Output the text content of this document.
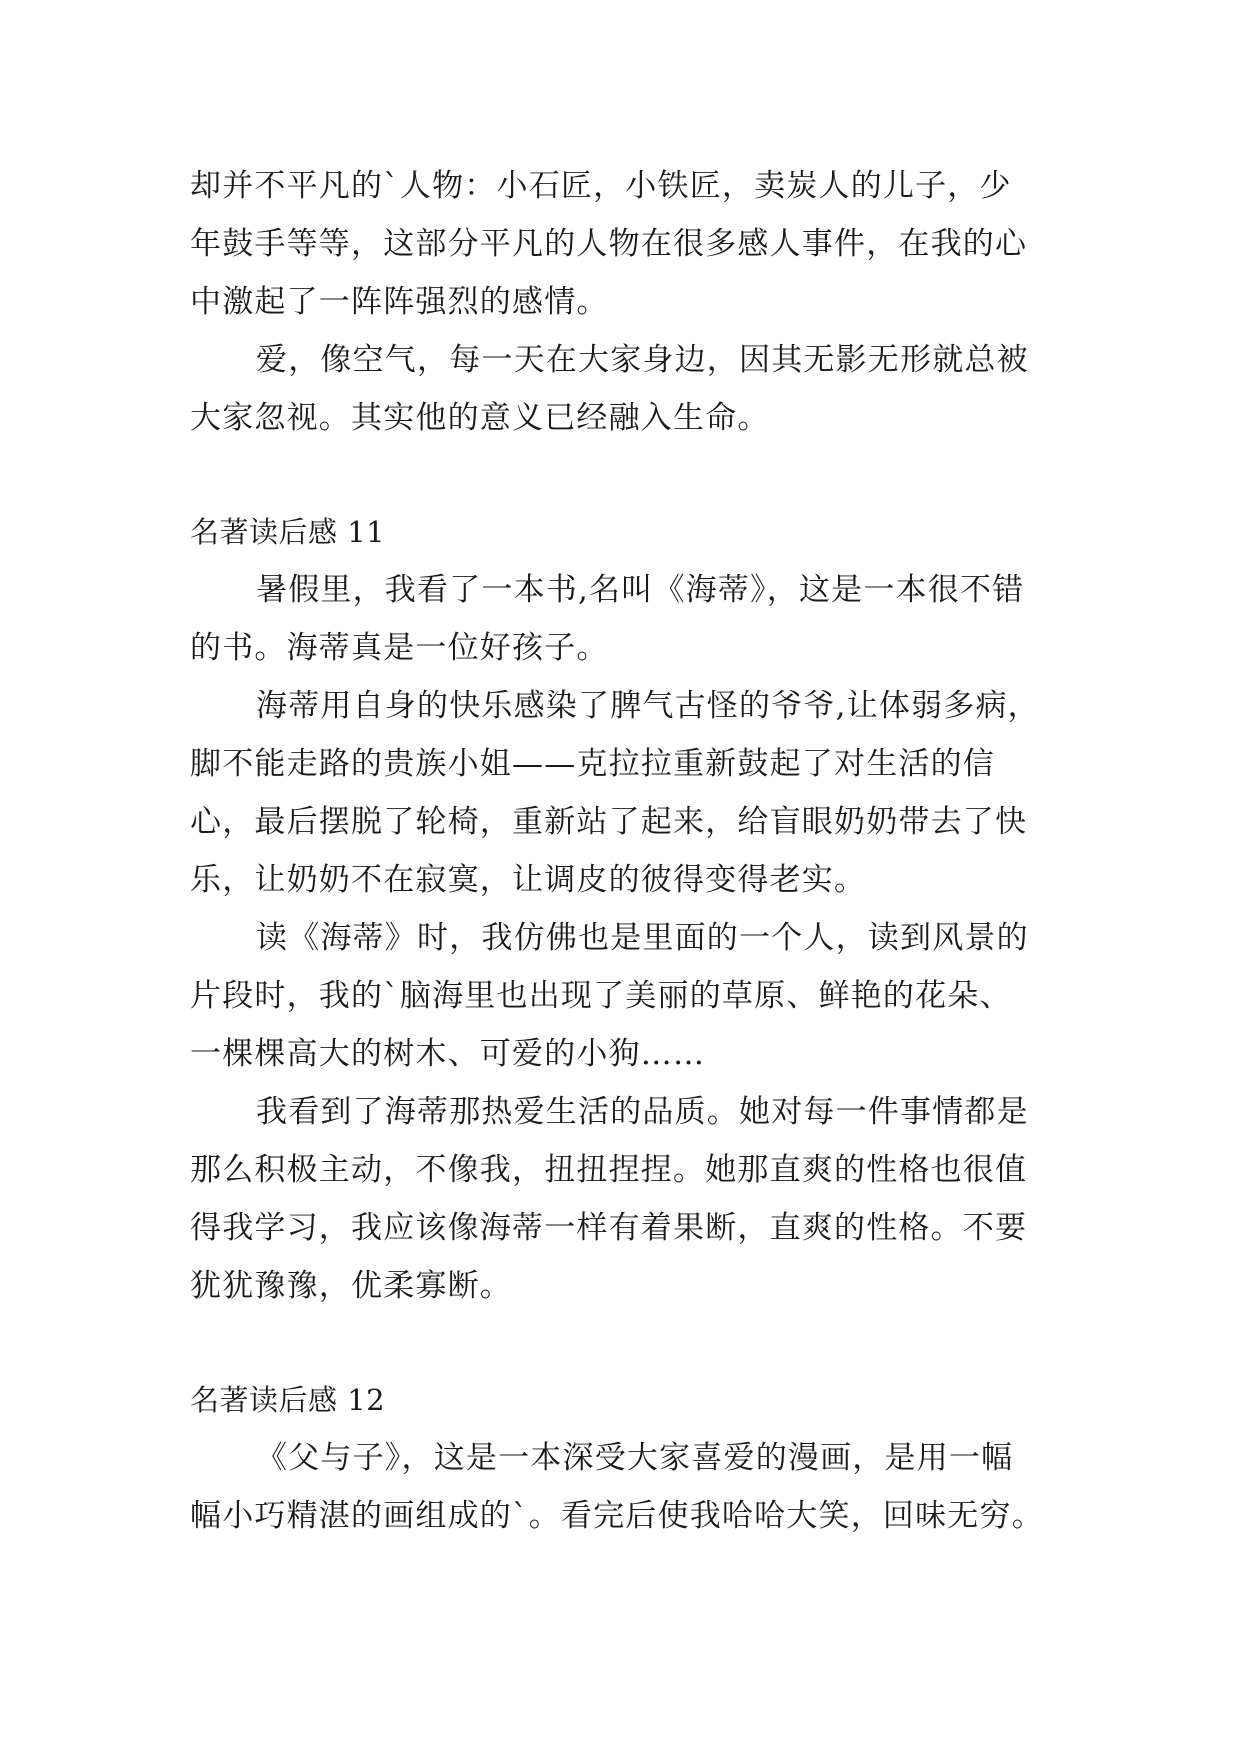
却并不平凡的`人物：小石匠，小铁匠，卖炭人的儿子，少
年鼓手等等，这部分平凡的人物在很多感人事件，在我的心
中激起了一阵阵强烈的感情。
爱，像空气，每一天在大家身边，因其无影无形就总被
大家忽视。其实他的意义已经融入生命。
名著读后感 11
暑假里，我看了一本书,名叫《海蒂》，这是一本很不错
的书。海蒂真是一位好孩子。
海蒂用自身的快乐感染了脾气古怪的爷爷,让体弱多病，
脚不能走路的贵族小姐——克拉拉重新鼓起了对生活的信
心，最后摆脱了轮椅，重新站了起来，给盲眼奶奶带去了快
乐，让奶奶不在寂寞，让调皮的彼得变得老实。
读《海蒂》时，我仿佛也是里面的一个人，读到风景的
片段时，我的`脑海里也出现了美丽的草原、鲜艳的花朵、
一棵棵高大的树木、可爱的小狗……
我看到了海蒂那热爱生活的品质。她对每一件事情都是
那么积极主动，不像我，扭扭捏捏。她那直爽的性格也很值
得我学习，我应该像海蒂一样有着果断，直爽的性格。不要
犹犹豫豫，优柔寡断。
名著读后感 12
《父与子》，这是一本深受大家喜爱的漫画，是用一幅
幅小巧精湛的画组成的`。看完后使我哈哈大笑，回味无穷。
